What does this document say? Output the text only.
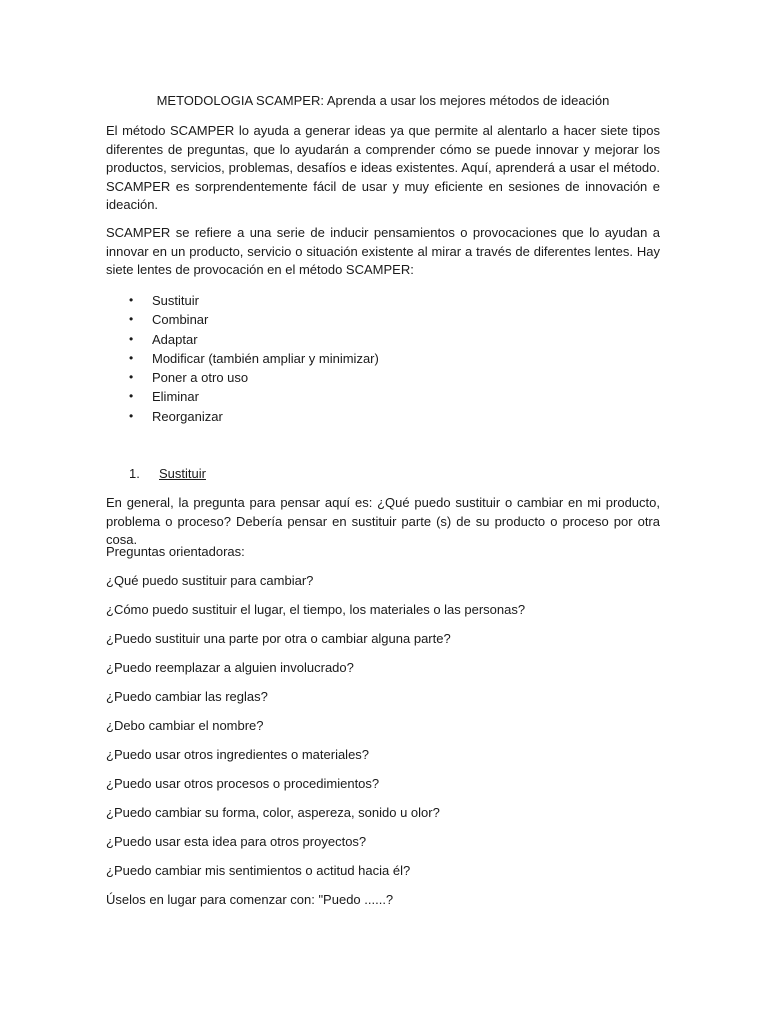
METODOLOGIA SCAMPER: Aprenda a usar los mejores métodos de ideación

El método SCAMPER lo ayuda a generar ideas ya que permite al alentarlo a hacer siete tipos diferentes de preguntas, que lo ayudarán a comprender cómo se puede innovar y mejorar los productos, servicios, problemas, desafíos e ideas existentes. Aquí, aprenderá a usar el método. SCAMPER es sorprendentemente fácil de usar y muy eficiente en sesiones de innovación e ideación.

SCAMPER se refiere a una serie de inducir pensamientos o provocaciones que lo ayudan a innovar en un producto, servicio o situación existente al mirar a través de diferentes lentes. Hay siete lentes de provocación en el método SCAMPER:

• Sustituir
• Combinar
• Adaptar
• Modificar (también ampliar y minimizar)
• Poner a otro uso
• Eliminar
• Reorganizar

1. Sustituir

En general, la pregunta para pensar aquí es: ¿Qué puedo sustituir o cambiar en mi producto, problema o proceso? Debería pensar en sustituir parte (s) de su producto o proceso por otra cosa.

Preguntas orientadoras:

¿Qué puedo sustituir para cambiar?

¿Cómo puedo sustituir el lugar, el tiempo, los materiales o las personas?

¿Puedo sustituir una parte por otra o cambiar alguna parte?

¿Puedo reemplazar a alguien involucrado?

¿Puedo cambiar las reglas?

¿Debo cambiar el nombre?

¿Puedo usar otros ingredientes o materiales?

¿Puedo usar otros procesos o procedimientos?

¿Puedo cambiar su forma, color, aspereza, sonido u olor?

¿Puedo usar esta idea para otros proyectos?

¿Puedo cambiar mis sentimientos o actitud hacia él?

Úselos en lugar para comenzar con: "Puedo ......?
